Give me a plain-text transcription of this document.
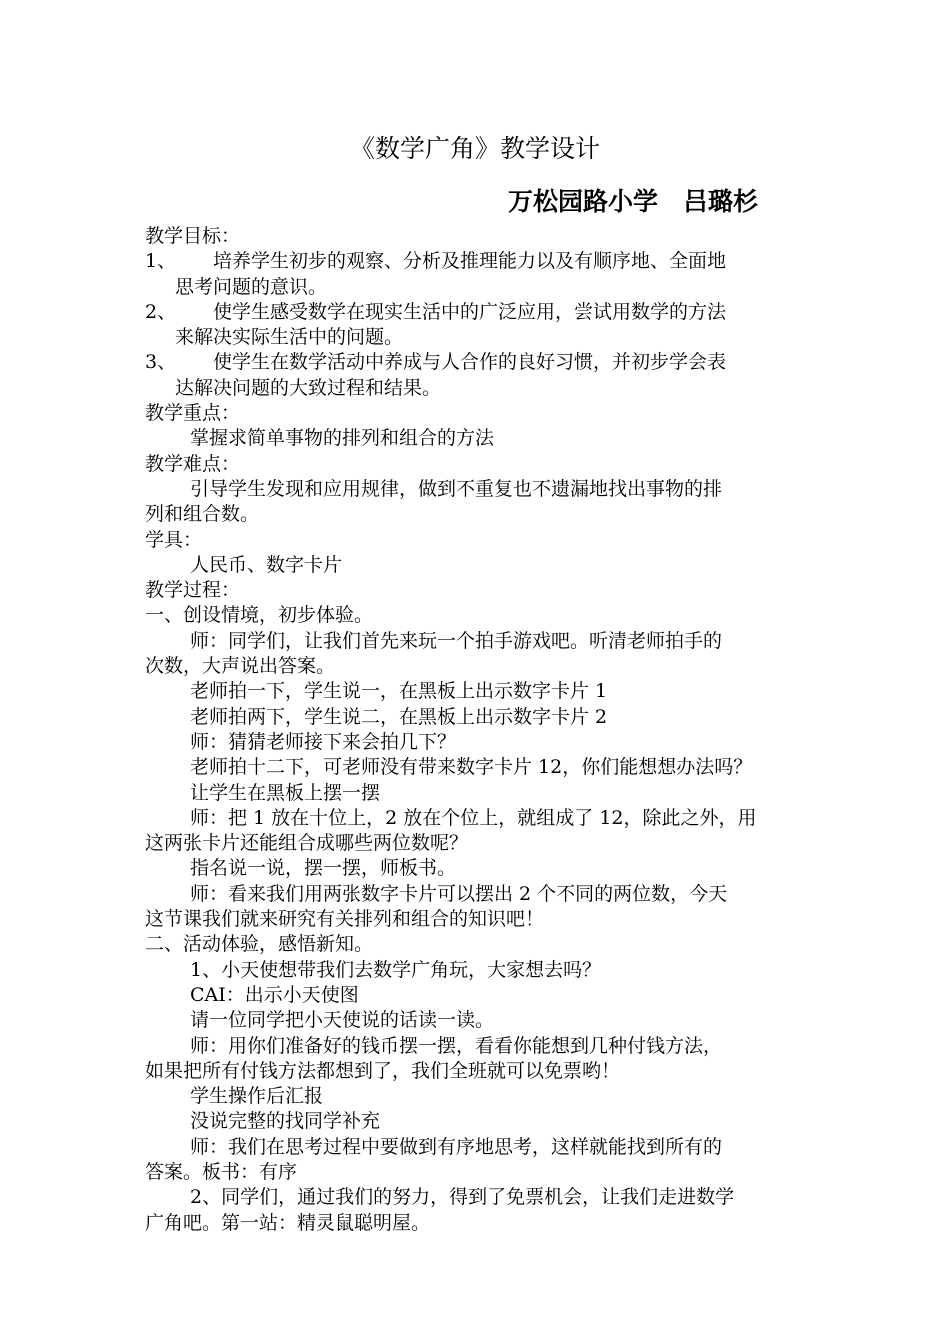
《数学广角》教学设计
万松园路小学　吕璐杉
教学目标：
1、 培养学生初步的观察、分析及推理能力以及有顺序地、全面地
思考问题的意识。
2、 使学生感受数学在现实生活中的广泛应用，尝试用数学的方法
来解决实际生活中的问题。
3、 使学生在数学活动中养成与人合作的良好习惯，并初步学会表
达解决问题的大致过程和结果。
教学重点：
掌握求简单事物的排列和组合的方法
教学难点：
引导学生发现和应用规律，做到不重复也不遗漏地找出事物的排
列和组合数。
学具：
人民币、数字卡片
教学过程：
一、创设情境，初步体验。
师：同学们，让我们首先来玩一个拍手游戏吧。听清老师拍手的
次数，大声说出答案。
老师拍一下，学生说一，在黑板上出示数字卡片 1
老师拍两下，学生说二，在黑板上出示数字卡片 2
师：猜猜老师接下来会拍几下？
老师拍十二下，可老师没有带来数字卡片 12，你们能想想办法吗？
让学生在黑板上摆一摆
师：把 1 放在十位上，2 放在个位上，就组成了 12，除此之外，用
这两张卡片还能组合成哪些两位数呢？
指名说一说，摆一摆，师板书。
师：看来我们用两张数字卡片可以摆出 2 个不同的两位数，今天
这节课我们就来研究有关排列和组合的知识吧！
二、活动体验，感悟新知。
1、小天使想带我们去数学广角玩，大家想去吗？
CAI：出示小天使图
请一位同学把小天使说的话读一读。
师：用你们准备好的钱币摆一摆，看看你能想到几种付钱方法，
如果把所有付钱方法都想到了，我们全班就可以免票哟！
学生操作后汇报
没说完整的找同学补充
师：我们在思考过程中要做到有序地思考，这样就能找到所有的
答案。板书：有序
2、同学们，通过我们的努力，得到了免票机会，让我们走进数学
广角吧。第一站：精灵鼠聪明屋。
